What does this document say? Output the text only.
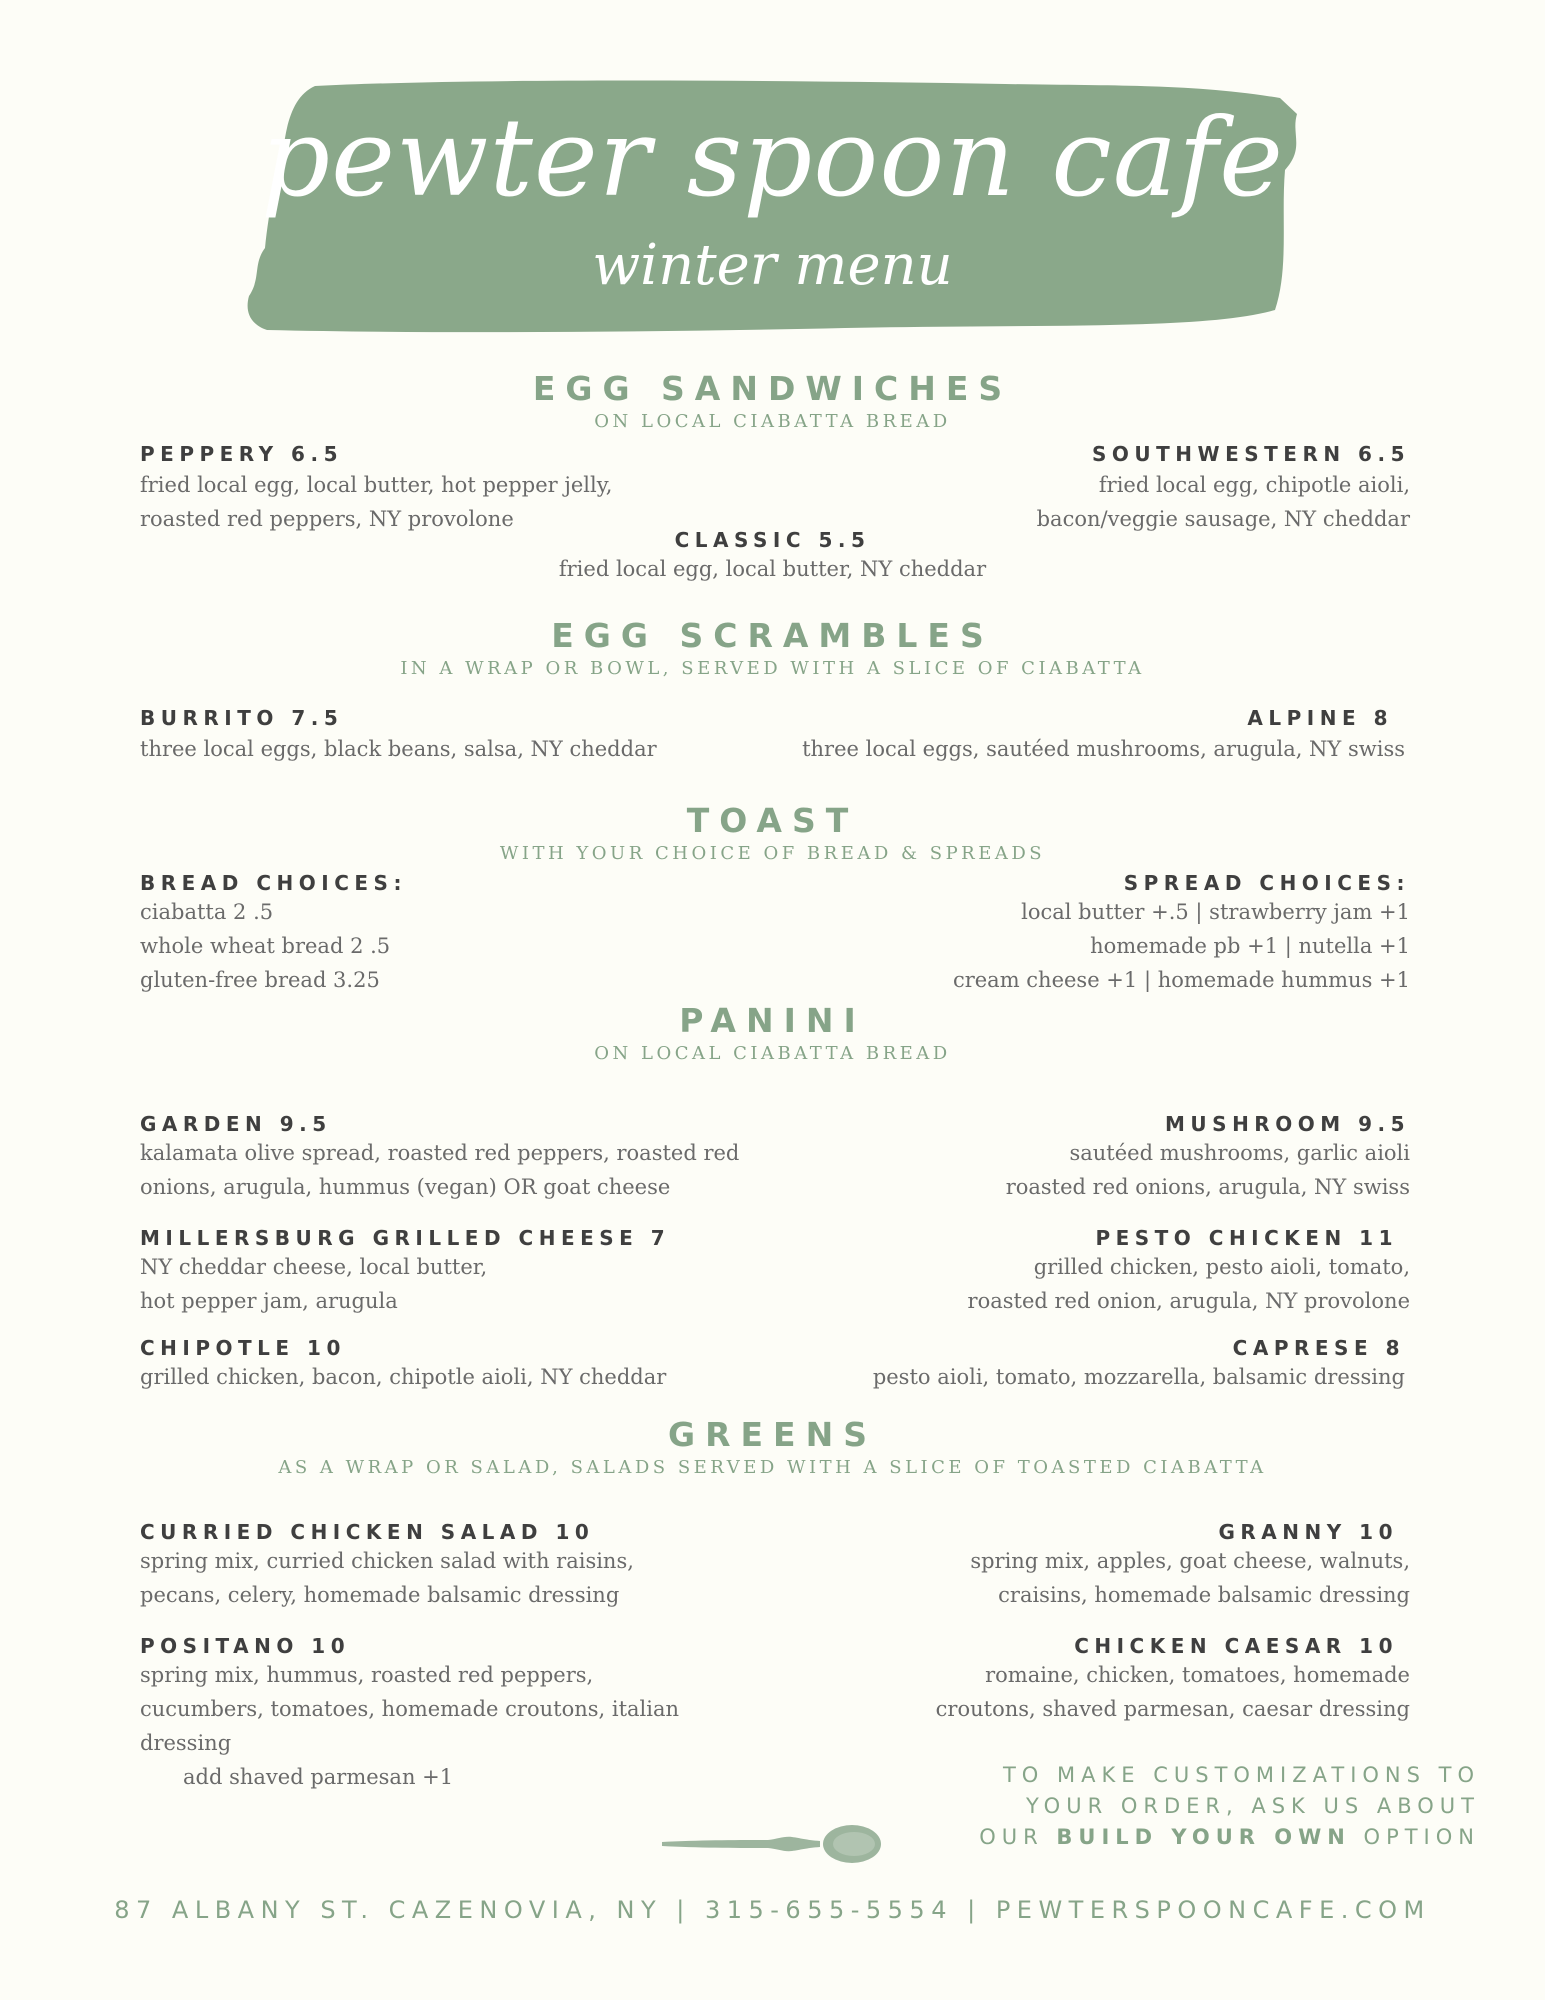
pewter spoon cafe
winter menu
EGG SANDWICHES
ON LOCAL CIABATTA BREAD
PEPPERY 6.5
fried local egg, local butter, hot pepper jelly,
roasted red peppers, NY provolone
SOUTHWESTERN 6.5
fried local egg, chipotle aioli,
bacon/veggie sausage, NY cheddar
CLASSIC 5.5
fried local egg, local butter, NY cheddar
EGG SCRAMBLES
IN A WRAP OR BOWL, SERVED WITH A SLICE OF CIABATTA
BURRITO 7.5
three local eggs, black beans, salsa, NY cheddar
ALPINE 8
three local eggs, sautéed mushrooms, arugula, NY swiss
TOAST
WITH YOUR CHOICE OF BREAD & SPREADS
BREAD CHOICES:
ciabatta 2 .5
whole wheat bread 2 .5
gluten-free bread 3.25
SPREAD CHOICES:
local butter +.5 | strawberry jam +1
homemade pb +1 | nutella +1
cream cheese +1 | homemade hummus +1
PANINI
ON LOCAL CIABATTA BREAD
GARDEN 9.5
kalamata olive spread, roasted red peppers, roasted red
onions, arugula, hummus (vegan) OR goat cheese
MUSHROOM 9.5
sautéed mushrooms, garlic aioli
roasted red onions, arugula, NY swiss
MILLERSBURG GRILLED CHEESE 7
NY cheddar cheese, local butter,
hot pepper jam, arugula
PESTO CHICKEN 11
grilled chicken, pesto aioli, tomato,
roasted red onion, arugula, NY provolone
CHIPOTLE 10
grilled chicken, bacon, chipotle aioli, NY cheddar
CAPRESE 8
pesto aioli, tomato, mozzarella, balsamic dressing
GREENS
AS A WRAP OR SALAD, SALADS SERVED WITH A SLICE OF TOASTED CIABATTA
CURRIED CHICKEN SALAD 10
spring mix, curried chicken salad with raisins,
pecans, celery, homemade balsamic dressing
GRANNY 10
spring mix, apples, goat cheese, walnuts,
craisins, homemade balsamic dressing
POSITANO 10
spring mix, hummus, roasted red peppers,
cucumbers, tomatoes, homemade croutons, italian
dressing
add shaved parmesan +1
CHICKEN CAESAR 10
romaine, chicken, tomatoes, homemade
croutons, shaved parmesan, caesar dressing
TO MAKE CUSTOMIZATIONS TO
YOUR ORDER, ASK US ABOUT
OUR BUILD YOUR OWN OPTION
87 ALBANY ST. CAZENOVIA, NY | 315-655-5554 | PEWTERSPOONCAFE.COM
